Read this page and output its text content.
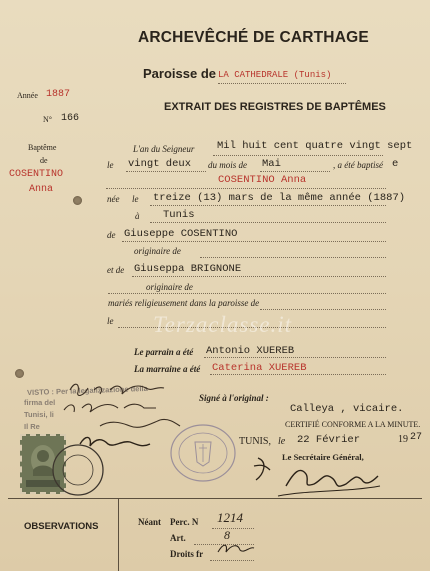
ARCHEVÊCHÉ DE CARTHAGE
Paroisse de LA CATHEDRALE (Tunis)
EXTRAIT DES REGISTRES DE BAPTÊMES
Année 1887
N° 166
Baptême
de
COSENTINO
Anna
L'an du Seigneur Mil huit cent quatre vingt sept
le vingt deux du mois de Mai	, a été baptisé e
COSENTINO Anna
née le treize (13) mars de la même année (1887)
à Tunis
de Giuseppe COSENTINO
originaire de
et de Giuseppa BRIGNONE
originaire de
mariés religieusement dans la paroisse de
le Terzaclasse.it
Le parrain a été Antonio XUEREB
La marraine a été Caterina XUEREB
Signé à l'original :
Calleya , vicaire.
CERTIFIÉ CONFORME A LA MINUTE.
TUNIS, le 22 Février	19 27
Le Secrétaire Général,
VISTO : Per la legalizzazione della
firma del
Tunisi, li
Il Re
OBSERVATIONS	Néant Perc. N 1214
Art.	8
Droits fr
